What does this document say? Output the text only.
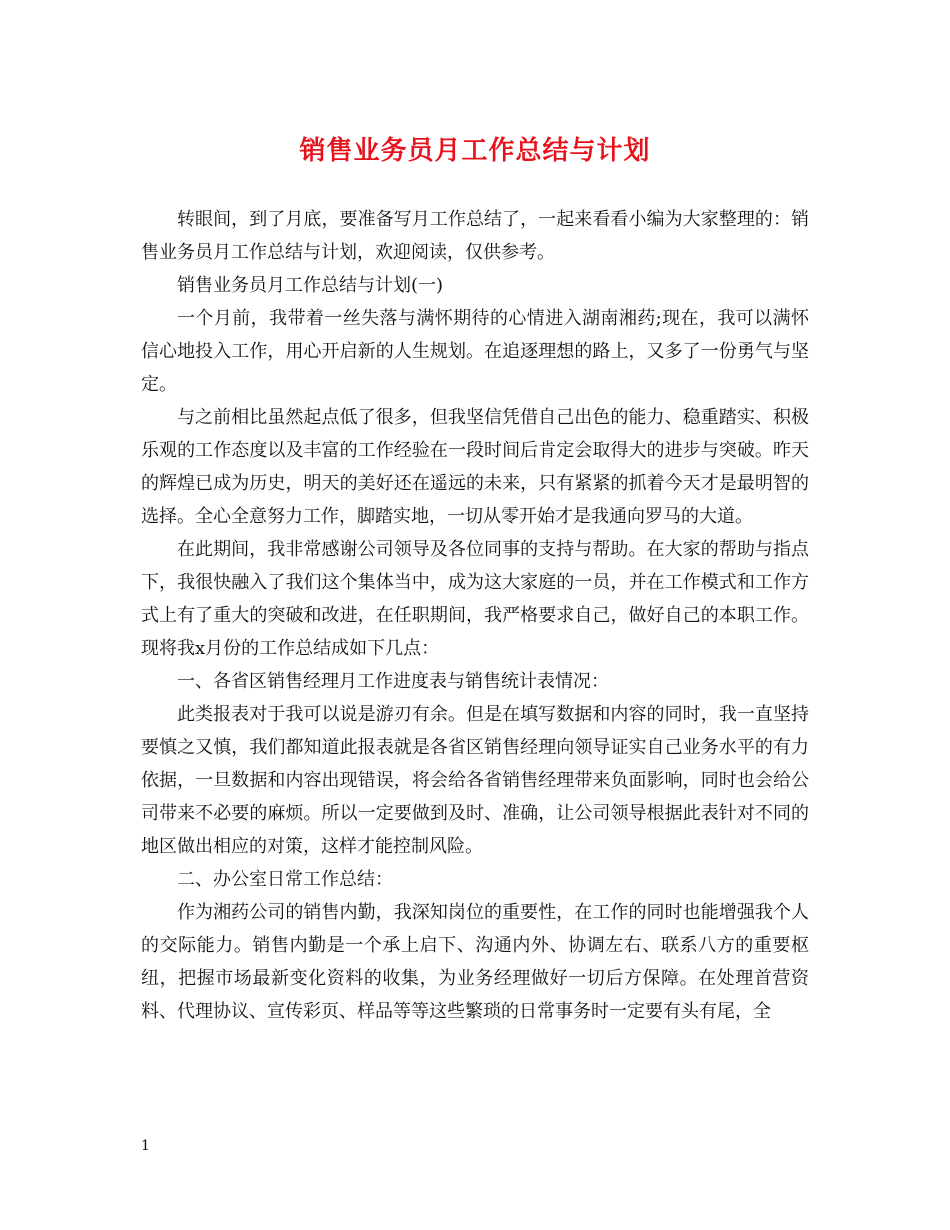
销售业务员月工作总结与计划

转眼间，到了月底，要准备写月工作总结了，一起来看看小编为大家整理的：销售业务员月工作总结与计划，欢迎阅读，仅供参考。

销售业务员月工作总结与计划(一)

一个月前，我带着一丝失落与满怀期待的心情进入湖南湘药;现在，我可以满怀信心地投入工作，用心开启新的人生规划。在追逐理想的路上，又多了一份勇气与坚定。

与之前相比虽然起点低了很多，但我坚信凭借自己出色的能力、稳重踏实、积极乐观的工作态度以及丰富的工作经验在一段时间后肯定会取得大的进步与突破。昨天的辉煌已成为历史，明天的美好还在遥远的未来，只有紧紧的抓着今天才是最明智的选择。全心全意努力工作，脚踏实地，一切从零开始才是我通向罗马的大道。

在此期间，我非常感谢公司领导及各位同事的支持与帮助。在大家的帮助与指点下，我很快融入了我们这个集体当中，成为这大家庭的一员，并在工作模式和工作方式上有了重大的突破和改进，在任职期间，我严格要求自己，做好自己的本职工作。现将我x月份的工作总结成如下几点：

一、各省区销售经理月工作进度表与销售统计表情况：

此类报表对于我可以说是游刃有余。但是在填写数据和内容的同时，我一直坚持要慎之又慎，我们都知道此报表就是各省区销售经理向领导证实自己业务水平的有力依据，一旦数据和内容出现错误，将会给各省销售经理带来负面影响，同时也会给公司带来不必要的麻烦。所以一定要做到及时、准确，让公司领导根据此表针对不同的地区做出相应的对策，这样才能控制风险。

二、办公室日常工作总结：

作为湘药公司的销售内勤，我深知岗位的重要性，在工作的同时也能增强我个人的交际能力。销售内勤是一个承上启下、沟通内外、协调左右、联系八方的重要枢纽，把握市场最新变化资料的收集，为业务经理做好一切后方保障。在处理首营资料、代理协议、宣传彩页、样品等等这些繁琐的日常事务时一定要有头有尾，全

1
